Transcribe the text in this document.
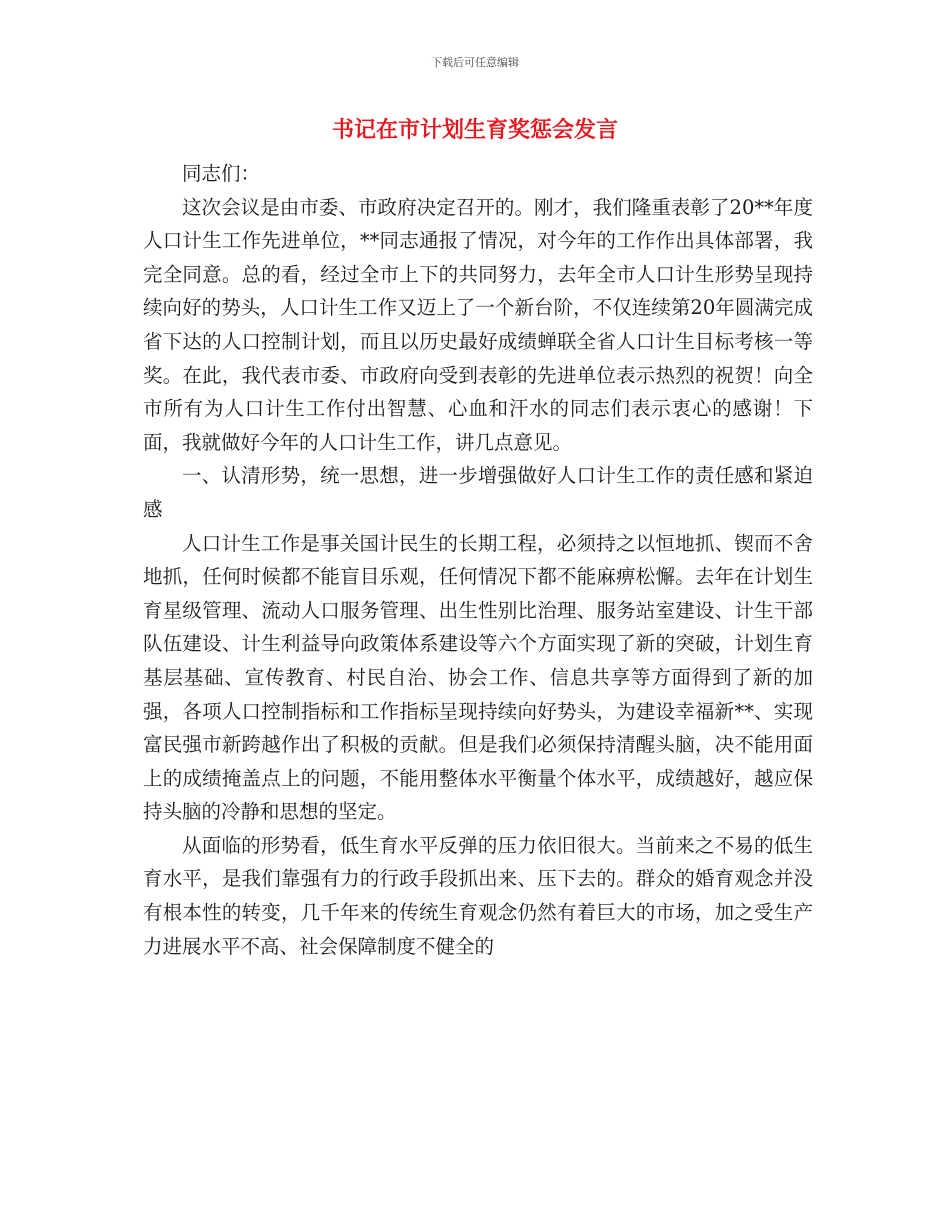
下载后可任意编辑
书记在市计划生育奖惩会发言

同志们：

这次会议是由市委、市政府决定召开的。刚才，我们隆重表彰了20**年度人口计生工作先进单位，**同志通报了情况，对今年的工作作出具体部署，我完全同意。总的看，经过全市上下的共同努力，去年全市人口计生形势呈现持续向好的势头，人口计生工作又迈上了一个新台阶，不仅连续第20年圆满完成省下达的人口控制计划，而且以历史最好成绩蝉联全省人口计生目标考核一等奖。在此，我代表市委、市政府向受到表彰的先进单位表示热烈的祝贺！向全市所有为人口计生工作付出智慧、心血和汗水的同志们表示衷心的感谢！下面，我就做好今年的人口计生工作，讲几点意见。

一、认清形势，统一思想，进一步增强做好人口计生工作的责任感和紧迫感

人口计生工作是事关国计民生的长期工程，必须持之以恒地抓、锲而不舍地抓，任何时候都不能盲目乐观，任何情况下都不能麻痹松懈。去年在计划生育星级管理、流动人口服务管理、出生性别比治理、服务站室建设、计生干部队伍建设、计生利益导向政策体系建设等六个方面实现了新的突破，计划生育基层基础、宣传教育、村民自治、协会工作、信息共享等方面得到了新的加强，各项人口控制指标和工作指标呈现持续向好势头，为建设幸福新**、实现富民强市新跨越作出了积极的贡献。但是我们必须保持清醒头脑，决不能用面上的成绩掩盖点上的问题，不能用整体水平衡量个体水平，成绩越好，越应保持头脑的冷静和思想的坚定。

从面临的形势看，低生育水平反弹的压力依旧很大。当前来之不易的低生育水平，是我们靠强有力的行政手段抓出来、压下去的。群众的婚育观念并没有根本性的转变，几千年来的传统生育观念仍然有着巨大的市场，加之受生产力进展水平不高、社会保障制度不健全的
